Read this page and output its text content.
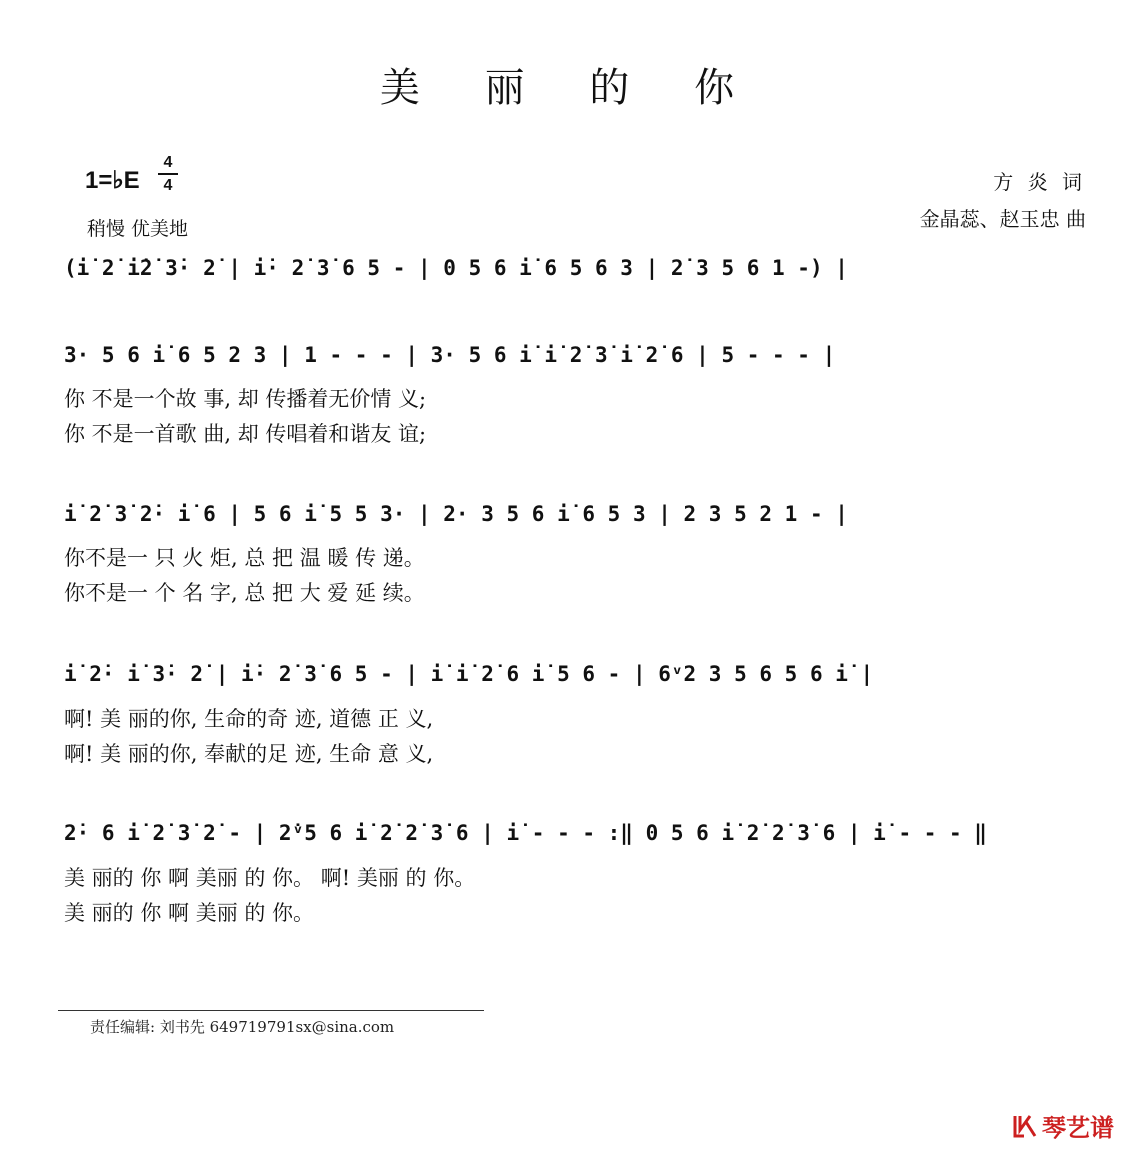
美 丽 的 你
1=♭E
4
4
稍慢 优美地
方 炎 词
金晶蕊、赵玉忠 曲
(i̇ 2̇ i̇2̇ 3̇· 2̇ | i̇· 2̇ 3̇ 6 5 - | 0 5 6 i̇ 6 5 6 3 | 2̇ 3 5 6 1 -) |
3· 5 6 i̇ 6 5 2 3 | 1 - - - | 3· 5 6 i̇ i̇ 2̇ 3̇ i̇ 2̇ 6 | 5 - - - |
你 不是一个故 事, 却 传播着无价情 义;
你 不是一首歌 曲, 却 传唱着和谐友 谊;
i̇ 2̇ 3̇ 2̇· i̇ 6 | 5 6 i̇ 5 5 3· | 2· 3 5 6 i̇ 6 5 3 | 2 3 5 2 1 - |
你不是一 只 火 炬, 总 把 温 暖 传 递。
你不是一 个 名 字, 总 把 大 爱 延 续。
i̇ 2̇· i̇ 3̇· 2̇ | i̇· 2̇ 3̇ 6 5 - | i̇ i̇ 2̇ 6 i̇ 5 6 - | 6ᵛ2 3 5 6 5 6 i̇ |
啊! 美 丽的你, 生命的奇 迹, 道德 正 义,
啊! 美 丽的你, 奉献的足 迹, 生命 意 义,
2̇· 6 i̇ 2̇ 3̇ 2̇ - | 2̇ᵛ5 6 i̇ 2̇ 2̇ 3̇ 6 | i̇ - - - :‖ 0 5 6 i̇ 2̇ 2̇ 3̇ 6 | i̇ - - - ‖
美 丽的 你 啊 美丽 的 你。 啊! 美丽 的 你。
美 丽的 你 啊 美丽 的 你。
责任编辑: 刘书先 649719791sx@sina.com
琴艺谱
